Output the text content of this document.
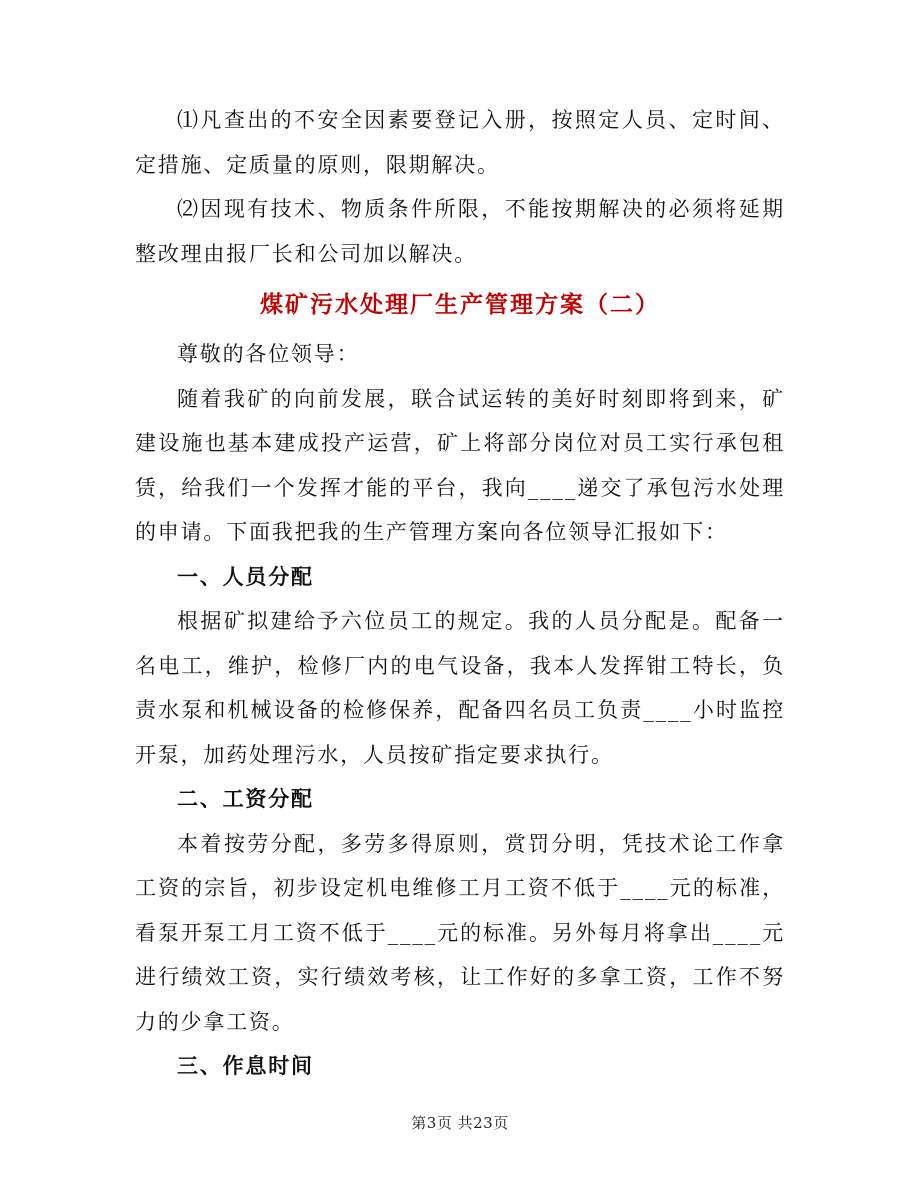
⑴凡查出的不安全因素要登记入册，按照定人员、定时间、定措施、定质量的原则，限期解决。

⑵因现有技术、物质条件所限，不能按期解决的必须将延期整改理由报厂长和公司加以解决。

煤矿污水处理厂生产管理方案（二）

尊敬的各位领导：

随着我矿的向前发展，联合试运转的美好时刻即将到来，矿建设施也基本建成投产运营，矿上将部分岗位对员工实行承包租赁，给我们一个发挥才能的平台，我向____递交了承包污水处理的申请。下面我把我的生产管理方案向各位领导汇报如下：

一、人员分配

根据矿拟建给予六位员工的规定。我的人员分配是。配备一名电工，维护，检修厂内的电气设备，我本人发挥钳工特长，负责水泵和机械设备的检修保养，配备四名员工负责____小时监控开泵，加药处理污水，人员按矿指定要求执行。

二、工资分配

本着按劳分配，多劳多得原则，赏罚分明，凭技术论工作拿工资的宗旨，初步设定机电维修工月工资不低于____元的标准，看泵开泵工月工资不低于____元的标准。另外每月将拿出____元进行绩效工资，实行绩效考核，让工作好的多拿工资，工作不努力的少拿工资。

三、作息时间

第3页 共23页
